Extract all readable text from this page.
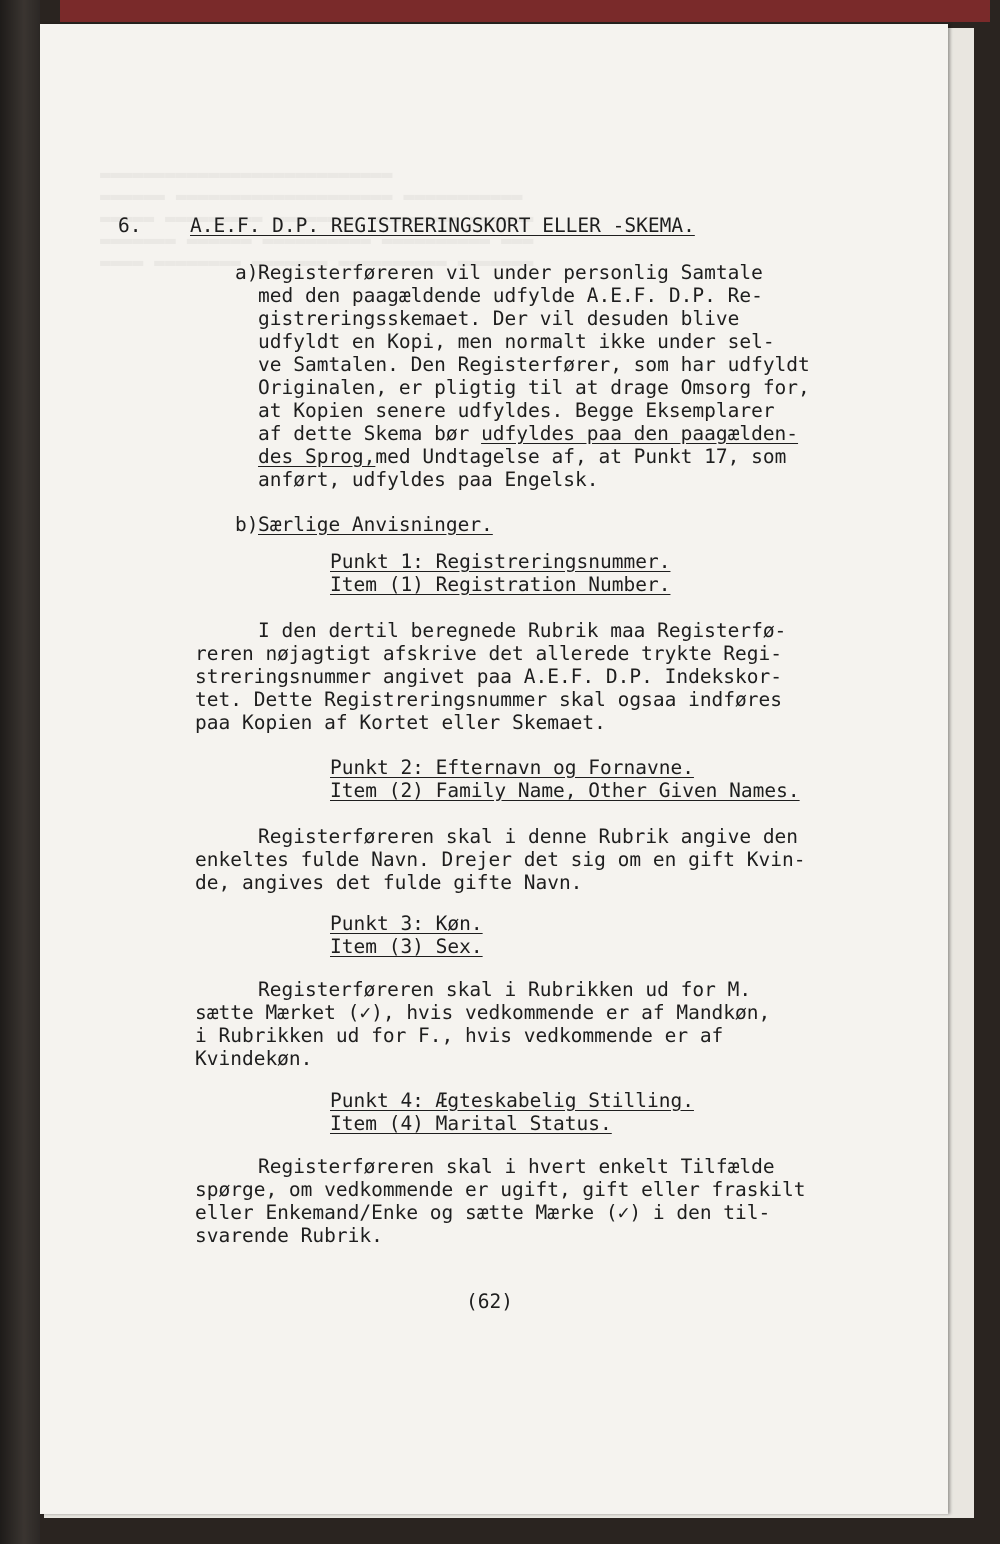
6. A.E.F. D.P. REGISTRERINGSKORT ELLER -SKEMA.
a) Registerføreren vil under personlig Samtale
med den paagældende udfylde A.E.F. D.P. Re-
gistreringsskemaet. Der vil desuden blive
udfyldt en Kopi, men normalt ikke under sel-
ve Samtalen. Den Registerfører, som har udfyldt
Originalen, er pligtig til at drage Omsorg for,
at Kopien senere udfyldes. Begge Eksemplarer
af dette Skema bør udfyldes paa den paagælden-
des Sprog,med Undtagelse af, at Punkt 17, som
anført, udfyldes paa Engelsk.
b) Særlige Anvisninger.
Punkt 1: Registreringsnummer.
Item (1) Registration Number.
I den dertil beregnede Rubrik maa Registerfø-
reren nøjagtigt afskrive det allerede trykte Regi-
streringsnummer angivet paa A.E.F. D.P. Indekskor-
tet. Dette Registreringsnummer skal ogsaa indføres
paa Kopien af Kortet eller Skemaet.
Punkt 2: Efternavn og Fornavne.
Item (2) Family Name, Other Given Names.
Registerføreren skal i denne Rubrik angive den
enkeltes fulde Navn. Drejer det sig om en gift Kvin-
de, angives det fulde gifte Navn.
Punkt 3: Køn.
Item (3) Sex.
Registerføreren skal i Rubrikken ud for M.
sætte Mærket (✓), hvis vedkommende er af Mandkøn,
i Rubrikken ud for F., hvis vedkommende er af
Kvindekøn.
Punkt 4: Ægteskabelig Stilling.
Item (4) Marital Status.
Registerføreren skal i hvert enkelt Tilfælde
spørge, om vedkommende er ugift, gift eller fraskilt
eller Enkemand/Enke og sætte Mærke (✓) i den til-
svarende Rubrik.
(62)
